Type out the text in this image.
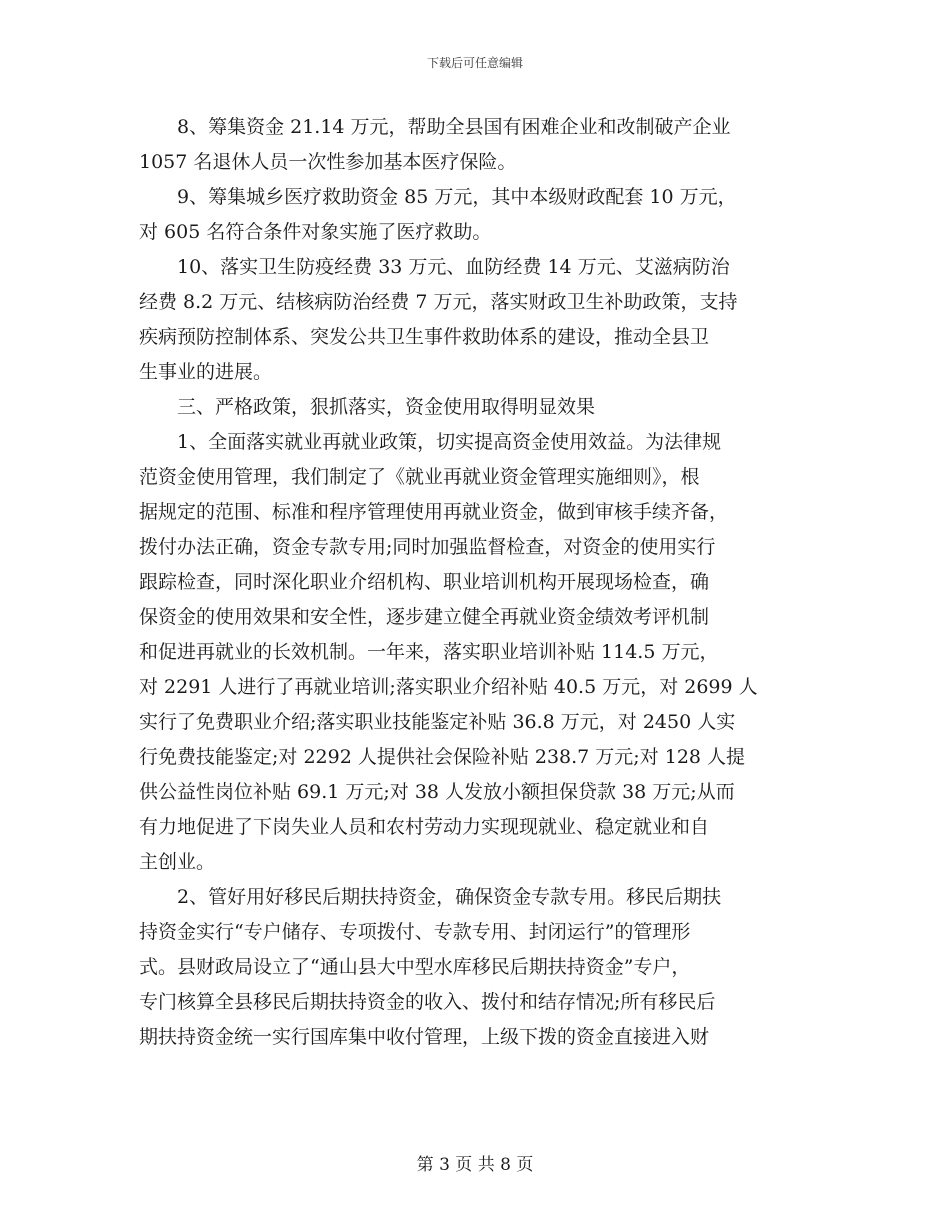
下载后可任意编辑
　　8、筹集资金 21.14 万元，帮助全县国有困难企业和改制破产企业
1057 名退休人员一次性参加基本医疗保险。
　　9、筹集城乡医疗救助资金 85 万元，其中本级财政配套 10 万元，
对 605 名符合条件对象实施了医疗救助。
　　10、落实卫生防疫经费 33 万元、血防经费 14 万元、艾滋病防治
经费 8.2 万元、结核病防治经费 7 万元，落实财政卫生补助政策，支持
疾病预防控制体系、突发公共卫生事件救助体系的建设，推动全县卫
生事业的进展。
　　三、严格政策，狠抓落实，资金使用取得明显效果
　　1、全面落实就业再就业政策，切实提高资金使用效益。为法律规
范资金使用管理，我们制定了《就业再就业资金管理实施细则》，根
据规定的范围、标准和程序管理使用再就业资金，做到审核手续齐备，
拨付办法正确，资金专款专用;同时加强监督检查，对资金的使用实行
跟踪检查，同时深化职业介绍机构、职业培训机构开展现场检查，确
保资金的使用效果和安全性，逐步建立健全再就业资金绩效考评机制
和促进再就业的长效机制。一年来，落实职业培训补贴 114.5 万元，
对 2291 人进行了再就业培训;落实职业介绍补贴 40.5 万元，对 2699 人
实行了免费职业介绍;落实职业技能鉴定补贴 36.8 万元，对 2450 人实
行免费技能鉴定;对 2292 人提供社会保险补贴 238.7 万元;对 128 人提
供公益性岗位补贴 69.1 万元;对 38 人发放小额担保贷款 38 万元;从而
有力地促进了下岗失业人员和农村劳动力实现现就业、稳定就业和自
主创业。
　　2、管好用好移民后期扶持资金，确保资金专款专用。移民后期扶
持资金实行“专户储存、专项拨付、专款专用、封闭运行”的管理形
式。县财政局设立了“通山县大中型水库移民后期扶持资金”专户，
专门核算全县移民后期扶持资金的收入、拨付和结存情况;所有移民后
期扶持资金统一实行国库集中收付管理，上级下拨的资金直接进入财
第 3 页 共 8 页
